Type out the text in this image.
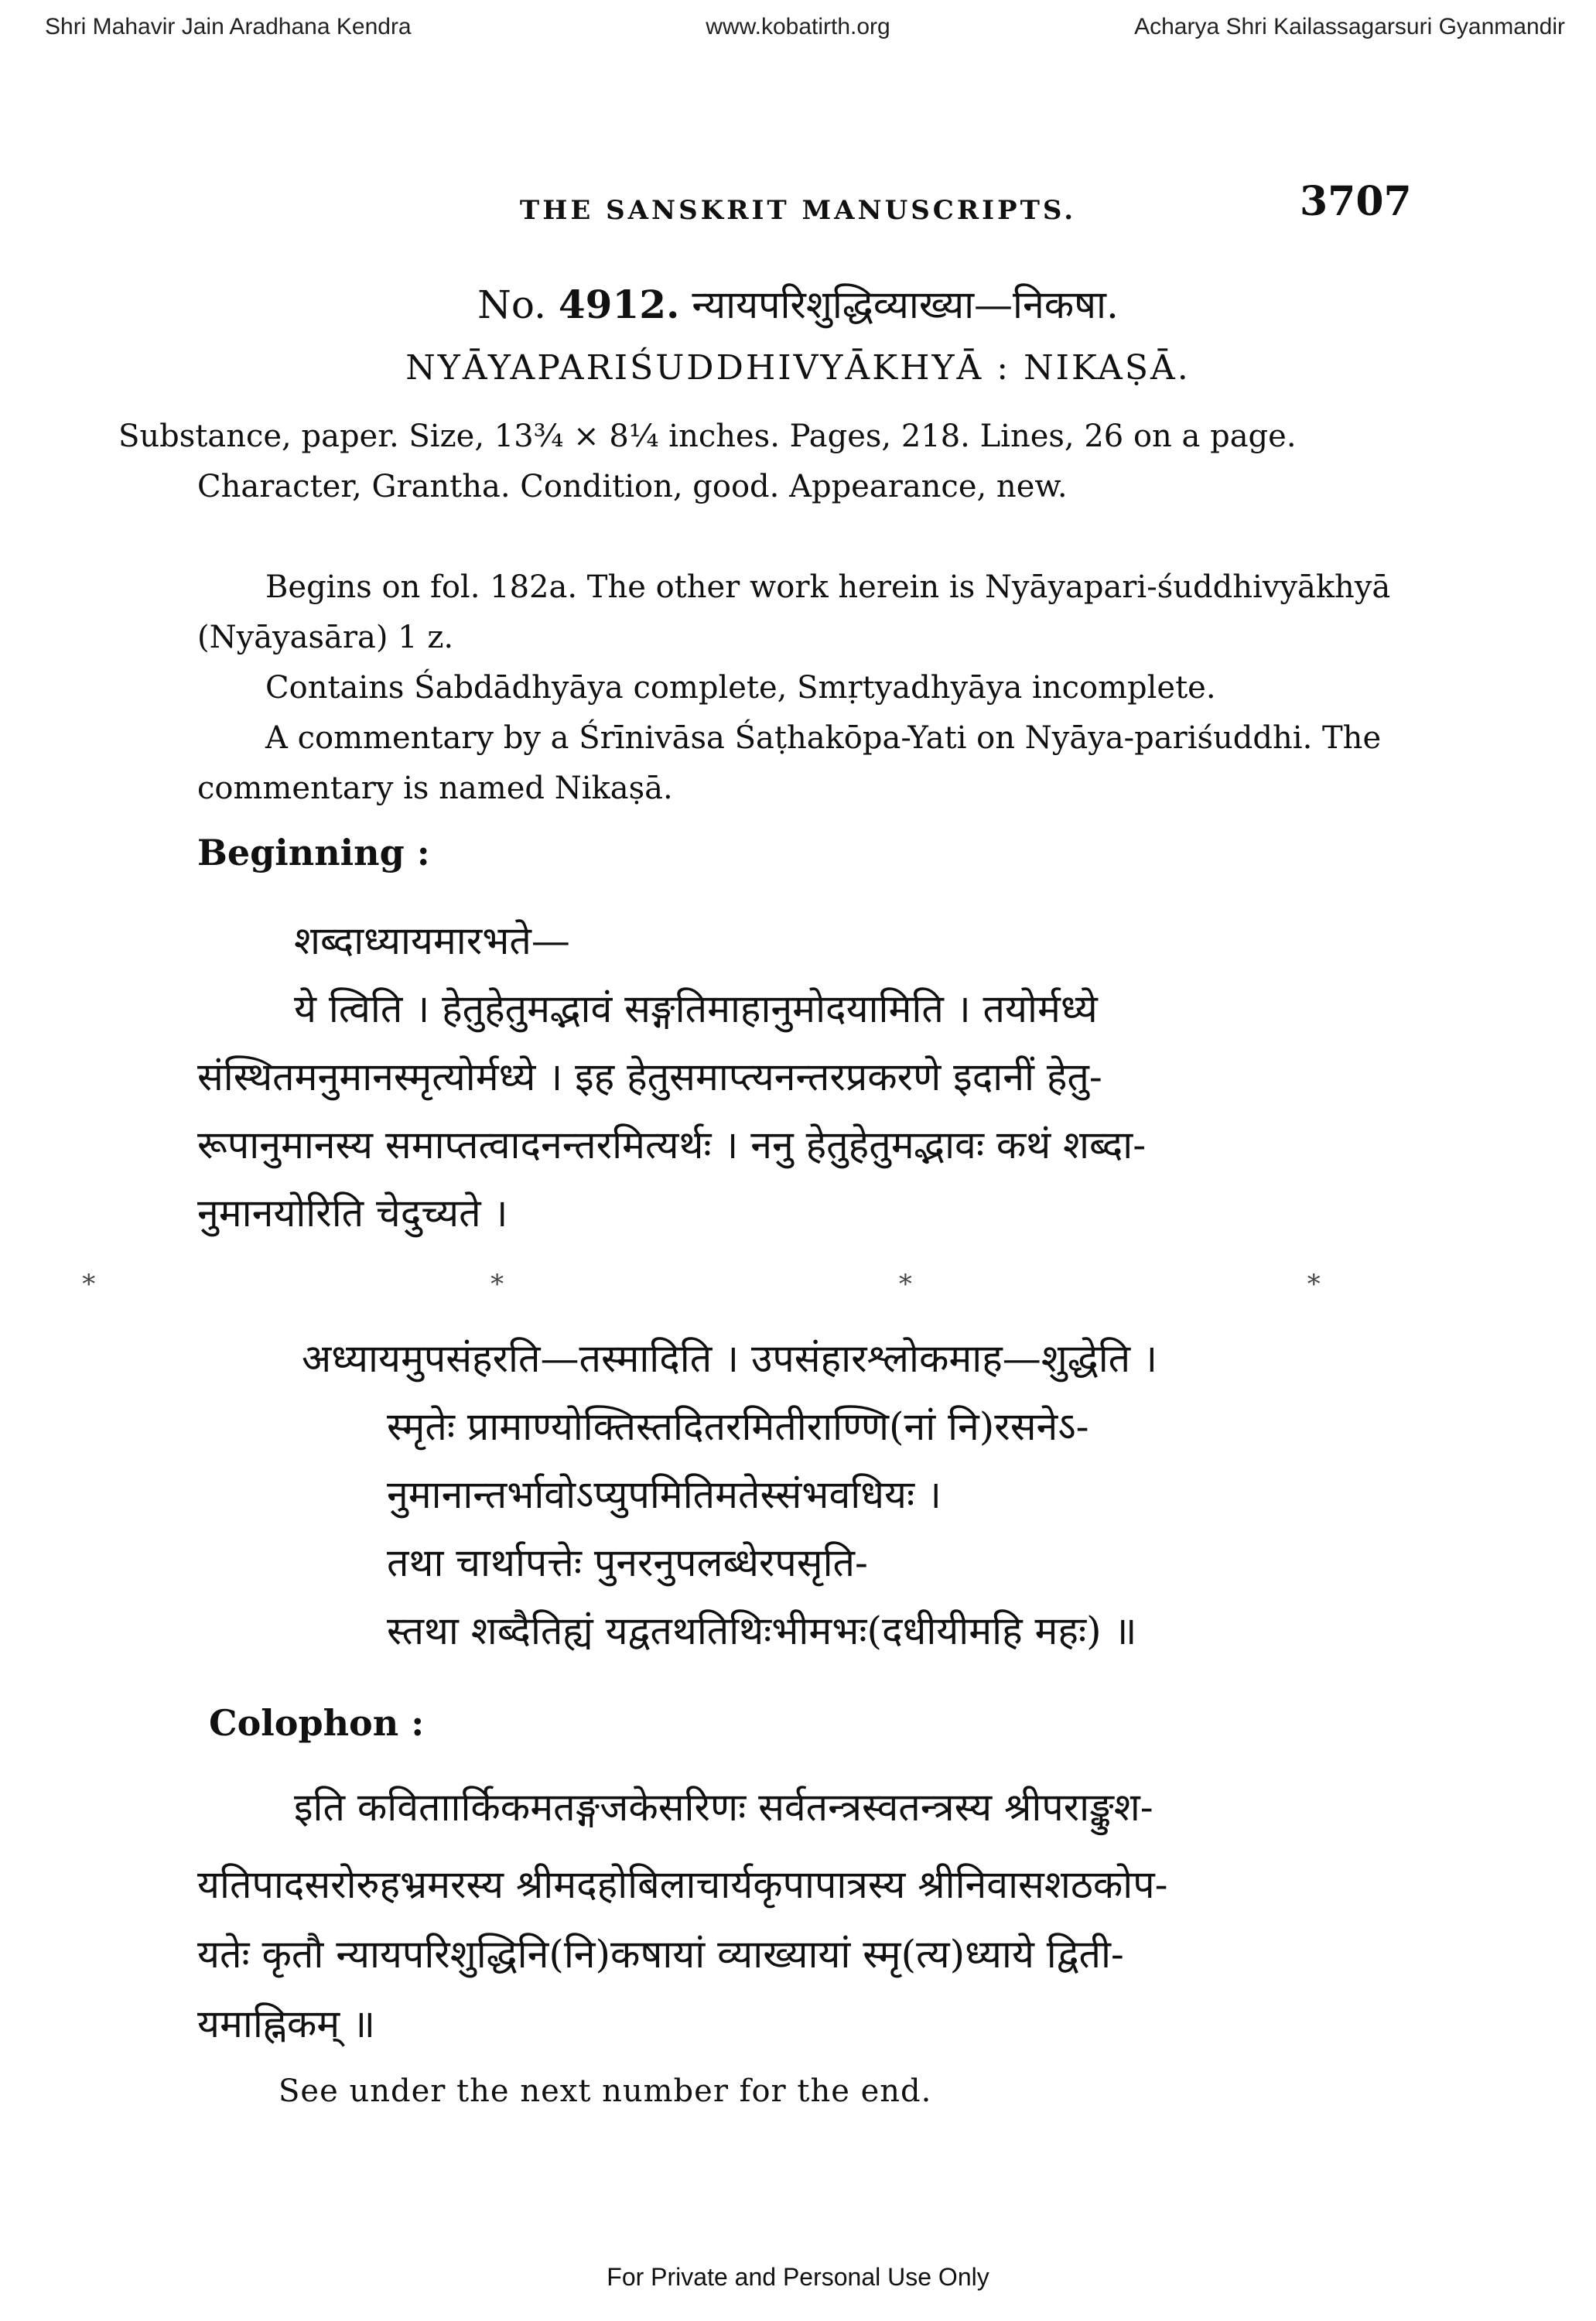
Shri Mahavir Jain Aradhana Kendra	www.kobatirth.org	Acharya Shri Kailassagarsuri Gyanmandir
THE SANSKRIT MANUSCRIPTS.	3707
No. 4912. न्यायपरिशुद्धिव्याख्या—निकषा.
NYĀYAPARIŚUDDHIVYĀKHYĀ : NIKAṢĀ.
Substance, paper. Size, 13¾ × 8¼ inches. Pages, 218. Lines, 26 on a page. Character, Grantha. Condition, good. Appearance, new.
Begins on fol. 182a. The other work herein is Nyāyapari-śuddhivyākhyā (Nyāyasāra) 1 z.
Contains Śabdādhyāya complete, Smṛtyadhyāya incomplete.
A commentary by a Śrīnivāsa Śaṭhakōpa-Yati on Nyāya-pariśuddhi. The commentary is named Nikaṣā.
Beginning :
शब्दाध्यायमारभते—
ये त्विति । हेतुहेतुमद्भावं सङ्गतिमाहानुमोदयामिति । तयोर्मध्ये
संस्थितमनुमानस्मृत्योर्मध्ये । इह हेतुसमाप्त्यनन्तरप्रकरणे इदानीं हेतु-
रूपानुमानस्य समाप्तत्वादनन्तरमित्यर्थः । ननु हेतुहेतुमद्भावः कथं शब्दा-
नुमानयोरिति चेदुच्यते ।
* * * *
अध्यायमुपसंहरति—तस्मादिति । उपसंहारश्लोकमाह—शुद्धेति ।
स्मृतेः प्रामाण्योक्तिस्तदितरमितीराण्णि(नां नि)रसनेऽ-
नुमानान्तर्भावोऽप्युपमितिमतेस्संभवधियः ।
तथा चार्थापत्तेः पुनरनुपलब्धेरपसृति-
स्तथा शब्दैतिह्यं यद्वतथतिथिःभीमभः(दधीयीमहि महः) ॥
Colophon :
इति कविताार्किकमतङ्गजकेसरिणः सर्वतन्त्रस्वतन्त्रस्य श्रीपराङ्कुश-
यतिपादसरोरुहभ्रमरस्य श्रीमदहोबिलाचार्यकृपापात्रस्य श्रीनिवासशठकोप-
यतेः कृतौ न्यायपरिशुद्धिनि(नि)कषायां व्याख्यायां स्मृ(त्य)ध्याये द्विती-
यमाह्निकम् ॥
See under the next number for the end.
For Private and Personal Use Only
